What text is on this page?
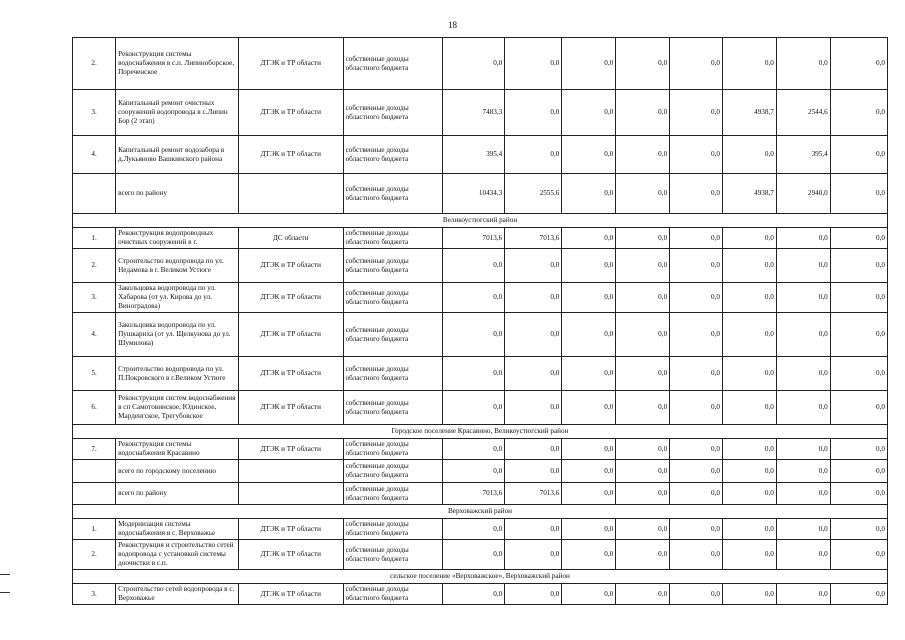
18
2.	Реконструкция системы водоснабжения в с.п. Липиноборское, Пореченское	ДТЭК и ТР области	собственные доходы областного бюджета	0,0	0,0	0,0	0,0	0,0	0,0	0,0	0,0
3.	Капитальный ремонт очистных сооружений водопровода в с.Липин Бор (2 этап)	ДТЭК и ТР области	собственные доходы областного бюджета	7483,3	0,0	0,0	0,0	0,0	4938,7	2544,6	0,0
4.	Капитальный ремонт водозабора в д.Лукьяново Вашкинского района	ДТЭК и ТР области	собственные доходы областного бюджета	395,4	0,0	0,0	0,0	0,0	0,0	395,4	0,0
	всего по району		собственные доходы областного бюджета	10434,3	2555,6	0,0	0,0	0,0	4938,7	2940,0	0,0
Великоустюгский район											
1.	Реконструкция водопроводных очистных сооружений в г.	ДС области	собственные доходы областного бюджета	7013,6	7013,6	0,0	0,0	0,0	0,0	0,0	0,0
2.	Строительство водопровода по ул. Недамова в г. Великом Устюге	ДТЭК и ТР области	собственные доходы областного бюджета	0,0	0,0	0,0	0,0	0,0	0,0	0,0	0,0
3.	Закольцовка водопровода по ул. Хабарова (от ул. Кирова до ул. Виноградова)	ДТЭК и ТР области	собственные доходы областного бюджета	0,0	0,0	0,0	0,0	0,0	0,0	0,0	0,0
4.	Закольцовка водопровода по ул. Пушкариха (от ул. Щелкунова до ул. Шумилова)	ДТЭК и ТР области	собственные доходы областного бюджета	0,0	0,0	0,0	0,0	0,0	0,0	0,0	0,0
5.	Строительство водопровода по ул. П.Покровского в г.Великом Устюге	ДТЭК и ТР области	собственные доходы областного бюджета	0,0	0,0	0,0	0,0	0,0	0,0	0,0	0,0
6.	Реконструкция систем водоснабжения в сп Самотовинское, Юдинское, Марденгское, Трегубовское	ДТЭК и ТР области	собственные доходы областного бюджета	0,0	0,0	0,0	0,0	0,0	0,0	0,0	0,0
Городское поселение Красавино, Великоустюгский район											
7.	Реконструкция системы водоснабжения Красавино	ДТЭК и ТР области	собственные доходы областного бюджета	0,0	0,0	0,0	0,0	0,0	0,0	0,0	0,0
	всего по городскому поселению		собственные доходы областного бюджета	0,0	0,0	0,0	0,0	0,0	0,0	0,0	0,0
	всего по району		собственные доходы областного бюджета	7013,6	7013,6	0,0	0,0	0,0	0,0	0,0	0,0
Верховажский район											
1.	Модернизация системы водоснабжения в с. Верховажье	ДТЭК и ТР области	собственные доходы областного бюджета	0,0	0,0	0,0	0,0	0,0	0,0	0,0	0,0
2.	Реконструкция и строительство сетей водопровода с установкой системы доочистки в с.п.	ДТЭК и ТР области	собственные доходы областного бюджета	0,0	0,0	0,0	0,0	0,0	0,0	0,0	0,0
сельское поселение «Верховажское», Верховажский район											
3.	Строительство сетей водопровода в с. Верховажье	ДТЭК и ТР области	собственные доходы областного бюджета	0,0	0,0	0,0	0,0	0,0	0,0	0,0	0,0
